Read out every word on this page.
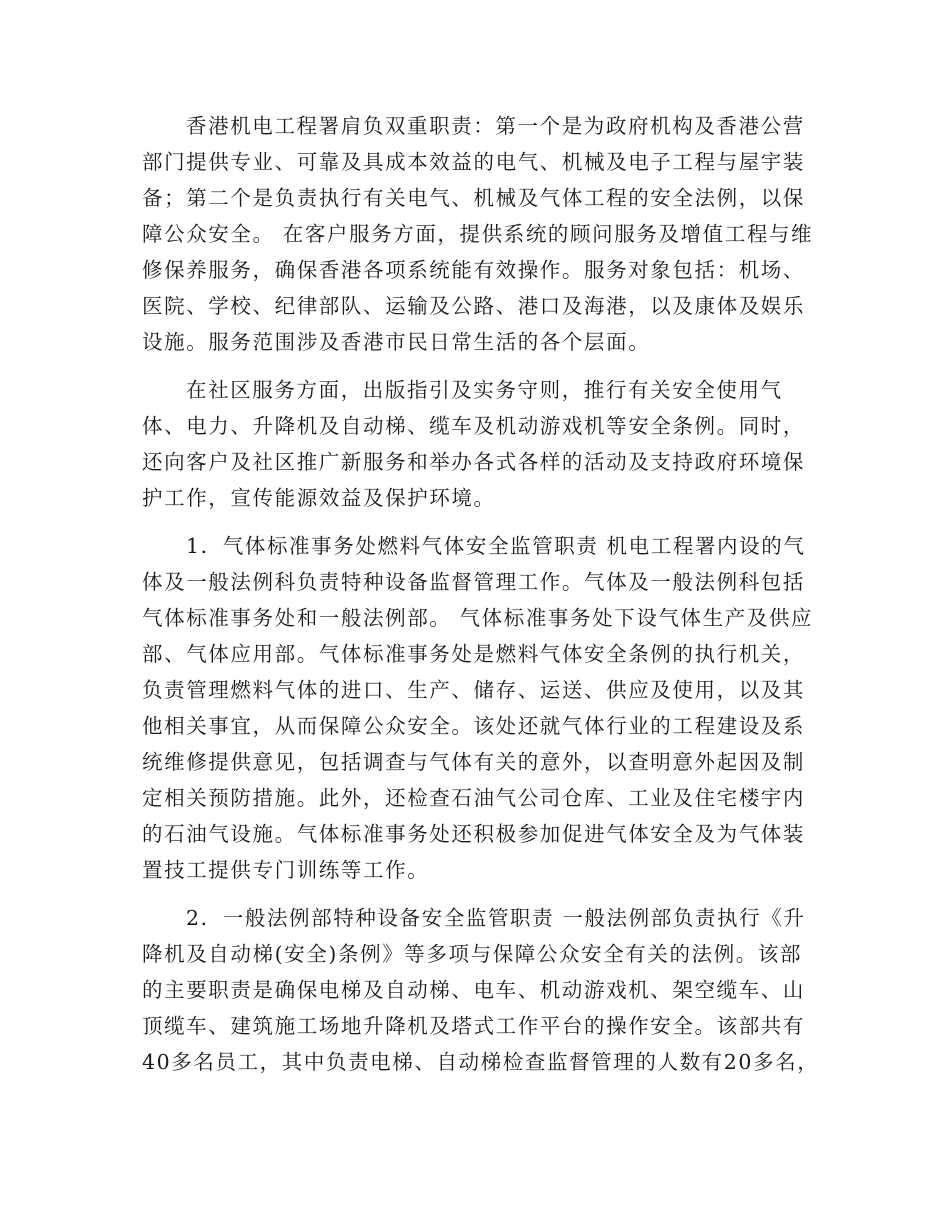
香港机电工程署肩负双重职责：第一个是为政府机构及香港公营
部门提供专业、可靠及具成本效益的电气、机械及电子工程与屋宇装
备；第二个是负责执行有关电气、机械及气体工程的安全法例，以保
障公众安全。 在客户服务方面，提供系统的顾问服务及增值工程与维
修保养服务，确保香港各项系统能有效操作。服务对象包括：机场、
医院、学校、纪律部队、运输及公路、港口及海港，以及康体及娱乐
设施。服务范围涉及香港市民日常生活的各个层面。
在社区服务方面，出版指引及实务守则，推行有关安全使用气
体、电力、升降机及自动梯、缆车及机动游戏机等安全条例。同时，
还向客户及社区推广新服务和举办各式各样的活动及支持政府环境保
护工作，宣传能源效益及保护环境。
1．气体标准事务处燃料气体安全监管职责 机电工程署内设的气
体及一般法例科负责特种设备监督管理工作。气体及一般法例科包括
气体标准事务处和一般法例部。 气体标准事务处下设气体生产及供应
部、气体应用部。气体标准事务处是燃料气体安全条例的执行机关，
负责管理燃料气体的进口、生产、储存、运送、供应及使用，以及其
他相关事宜，从而保障公众安全。该处还就气体行业的工程建设及系
统维修提供意见，包括调查与气体有关的意外，以查明意外起因及制
定相关预防措施。此外，还检查石油气公司仓库、工业及住宅楼宇内
的石油气设施。气体标准事务处还积极参加促进气体安全及为气体装
置技工提供专门训练等工作。
2．一般法例部特种设备安全监管职责 一般法例部负责执行《升
降机及自动梯(安全)条例》等多项与保障公众安全有关的法例。该部
的主要职责是确保电梯及自动梯、电车、机动游戏机、架空缆车、山
顶缆车、建筑施工场地升降机及塔式工作平台的操作安全。该部共有
40多名员工，其中负责电梯、自动梯检查监督管理的人数有20多名，
